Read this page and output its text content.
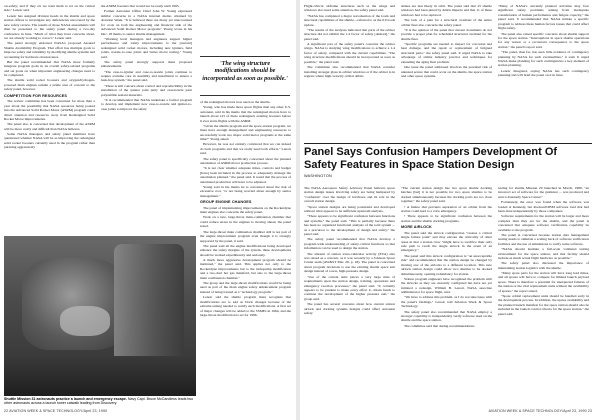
on-safety; and if they err we want them to err on the critical side," Lenoir said.

Lenoir has assigned division heads in the shuttle and space station offices to investigate any deficiencies uncovered by the new safety review. The results of those NASA assessments will then be presented to the safety panel during a two-day conference in June. "Much of what they have concerns about, we are already working to correct," Lenoir said.

The panel strongly endorsed NASA's proposed Assured Shuttle Availability Program. That effort has multiple goals to improve safety and reliability by modifying shuttle systems and accounting for hardware obsolescence.

But the panel recommended that NASA more formally integrate program goals in its overall safety-related programs and set goals on when important engineering changes need to be completed.

The shuttle solid rocket boosters and oxygen/hydrogen-powered main engines remain a prime area of concern to the safety panel, however.

COMPETITION FOR RESOURCES

The review committee has been concerned for more than a year about the possibility that NASA resources being poured into the Advanced Solid Rocket Motor (ASRM) program could divert attention and resources away from Redesigned Solid Rocket Motor improvements.

The panel also is concerned that development of the ASRM will be more costly and difficult than NASA believes.

Some NASA managers and safety panel members have questioned whether NASA will be as improving the redesigned solid rocket boosters currently used in the program rather than pursuing aggressively

the ASRM boosters that would not be ready until 1995.

Former Astronaut Office Chief John W. Young expressed similar concerns in a NASA internal memo obtained by Aviation Week. "It is believed there are many yet unaccounted for costs on both the engineering and financial side of the Advanced Solid Rocket Motor program," Young wrote in his Dec. 18 memo to senior shuttle management.

"Working level managers and engineers support higher performance and safety improvements to the [current] redesigned solid rocket motors, including new igniters, field joints, nozzle-to-case joints and better motor testing," Young said.

The safety panel strongly supports these proposed enhancements.

"The case-to-igniter and case-to-nozzle joints continue to require extreme care in assembly and installation to ensure a leak-free system," the panel said.

"There is still concern about control and reproducibility in the installation of the quieter joint putty and case/nozzle joint polysulfide sealant materials.

"It is recommended that NASA undertake a formal program to develop and implement new case-to-nozzle and igniter-to-case joints to improve the safety

'The wing structure modifications should be incorporated as soon as possible.'

of the redesigned motors now used on the shuttle.

Young, who has made more space flights than any other U.S. astronaut, said in his memo that the redesigned motors have to launch about 125 of these redesigned, existing boosters before it ever starts flights with the ASRM.

"Given the shuttle program and the space station program, we must have enough management and engineering resources to successfully work two major solid motor programs at the same time?" Young asked.

However, he was not entirely convinced that we can indeed do both programs and that we really need both efforts," Lenoir said.

The safety panel is specifically concerned about the planned automation of ASRM motor production process.

"It is not clear whether adequate times, controls and budget [have] been included in the process to adequately manage the automation planned," the panel said. It noted that the process of automated production will have to be adjusted.

Young said in his memo he is concerned about the risk of excessive cost, "or not being worried about enough by senior management."

GROUP ENGINE CHANGES

The panel of implementing improvements on the Rocketdyne main engines also concerns the safety panel.

Work on a new, large-throat main-combustion chamber that could reduce stress in the engines is moving ahead, the panel noted.

The large-throat main combustion chamber still is not part of the engine improvement program even though it is strongly supported by the panel, it said.

The panel said all the engine modifications being developed enhance the safety margins of the system, these developments should be worked expeditiously and seriously.

A much more aggressive development program should be instituted," the panel said. This applies not only to the Rocketdyne improvements but to the turbopump modification and a two-duct hot gas manifold, but also to the large-throat main combustion chamber."

The group and the large-throat modifications would be being used as part of the main engine safety enhancement program instead of being treated as a "technology program."

Lenoir said the shuttle program must recognize that modifications are to add as block changes because of the extreme testing needed to certify such modifications. A first set of major changes will be added to the SSMEs in 1994, and the large-throat modification is set for 1996.

Shuttle Mission 31 astronauts practice a launch and emergency escape. Navy Capt. Bruce McCandless leads two other astronauts across a launch tower catwalk leading from Discovery.
22 AVIATION WEEK & SPACE TECHNOLOGY/April 23, 1990

Flight-critical airframe structures such as the wings and windows also need some attention, the safety panel said.

"NASA has completed a major reevaluation of the loads and structural capabilities of the shuttle—referred to as the 6.0 loads update.

"The results of the analyses indicated that parts of the orbiter structure did not exhibit the 1.4 factor of safety [desired]," the panel said.

A significant part of the safety panel's concerns the orbiter wings. NASA is studying wing modifications to achieve a 1.4 factor of safety, compared with the current capabilities. "The wing structure modifications should be incorporated as soon as possible," the panel said.

The committee also recommended that NASA consider installing stronger glass in orbiter windows or if the orbiter is in regions where high-velocity orbital debris

strikes are less likely in orbit. The panel said that 25 shuttle windows had been pitted by debris impacts and that 11 of these windows had to be replaced.

The lack of a plan for a structural overhaul of the entire orbiter fleet also concerns the safety panel.

"It is the opinion of the panel that current documents do not provide a proper plan for scheduled structural overhaul for the shuttle fleet.

"Specific programs are needed to inspect for corrosion and heat damage, and the repair or replacement of fatigued structural parts," the safety panel said. It urged NASA to take advantage of airline industry practice and techniques for extending the aging fleet problem.

One issue the panel addressed involves the potential risk of untested severe that could occur on the shuttle, the space station and other space systems.

"Many of NASA's currently planned activities may face significant safety problems arising from inadequate consideration of human performance and fatigue capacity," the panel said. It recommended that NASA initiate a specific program to address these human factors issues that could affect flight safety.

The panel also raised specific concerns about shuttle support for the space station. "Interruptions in space shuttle operations for any reason or a reccurrent consequence to the space station," the panel's report said.

"The panel, thus far, has seen little evidence of contingency planning by NASA for such eventualities," it said. It urged NASA make planning for such contingencies a key element of station planning.

Lenoir disagreed, saying NASA has such contingency planning and will brief the panel on it in June.

Panel Says Confusion Hampers Development Of Safety Features in Space Station Design
WASHINGTON

The NASA Aerospace Safety Advisory Panel believes space station design issues involving safety are being hampered by "confusion" over the design of hardware and its role in the overall station design.

"Space station designs are being postulated and developed without what appears to be sufficient upstream analysis.

"There appears to be significant confusion between functions and systems," the panel said. "This is partially because there has been no organized functional analysis of the total system ... as a precursor to the development of design and safety," the panel said.

The safety panel recommended that NASA develop a program-wide understanding of safety-critical functions so that information can be used to design the station.

The amount of station extra-vehicular activity (EVA) also was raised as a concern, as it was recently by a Johnson Space Center team (AW&ST Mar. 26, p. 18). The panel is concerned about program decisions to use the existing shuttle space suit design instead of a new, high-pressure design.

"Use of the current suits places a very large time of requirements upon the station design, training, operations and emergency reaction processes," the panel said. "It certainly appears to be prudent to make every effort to obtain funds to continue the development of the higher pressure suit," the group said.

The panel has several concerns about how current station airlock and docking systems designs could affect astronaut safety.

"The current station design has two space shuttle docking hatches [but] it is not possible for two space shuttles to be docked simultaneously because the docking ports are too close together," the safety panel said.

• A failure that prevents separation of an orbiter from the station could lead to a crew emergency.

• There appears to be significant confusion between the station and the shuttle docking programs.

MORE AIRLOCK

The panel said the airlock configuration "creates a critical single failure point" and may elevate the criticality of other areas in that a station crew "might have to sacrifice their only safe path to reach the single airlock in the event of an emergency."

The panel said this airlock configuration is "an unacceptable risk" and recommended that the station design be changed by moving one of the airlocks to a different location. This new airlock station design could allow two shuttles to be docked simultaneously, opening redundancy for station.

Station program engineers have recognized the problem with the airlocks as they are currently configured but have not yet initiated a redesign. William B. Lenoir, NASA associate administrator for space flight, said.

"We have to address this problem, as I do not take issue with the panel's findings," Lenoir told Aviation Week & Space Technology.

The safety panel also recommended that NASA employ a stronger capability to independently verify software used on the shuttle and the space station.

The committee said that during recommendations

testing for shuttle Mission 29 launched in March, 1989, "an incorrect set of software for the guidance ... was produced and sent to Kennedy Space Center."

Fortunately, the error was found when the software was loaded at Kennedy, but Rockwell/IBM software load that had been done independently by those companies.

Software requirements for the station will be larger and more complex than they are for the shuttle, and the panel is concerned that adequate software verification capability be available to the program.

The panel is concerned because station data management testing needs to simulate a scaling back of software verification facilities and the use of simulations to verify some software.

"NASA should institute a full-scale validated testing environment for the space station, and that facility should include as much actual flight hardware as possible."

The safety panel also discussed the importance of maintaining station logistics with the shuttle.

"Many spare parts for the station will have long lead times, and all spares will have to compete for limited launch payload space. There is therefore a potential for unexpected failures of the station or the vital replacement units without the availability of spares," the report stated.

"Spare orbital replacement units should be handled early in the development process. In addition, the spares availability and the planned launch manifest for the space station should also be included in the launch control criteria for the space station," the panel said.

AVIATION WEEK & SPACE TECHNOLOGY/April 23, 1990 23
